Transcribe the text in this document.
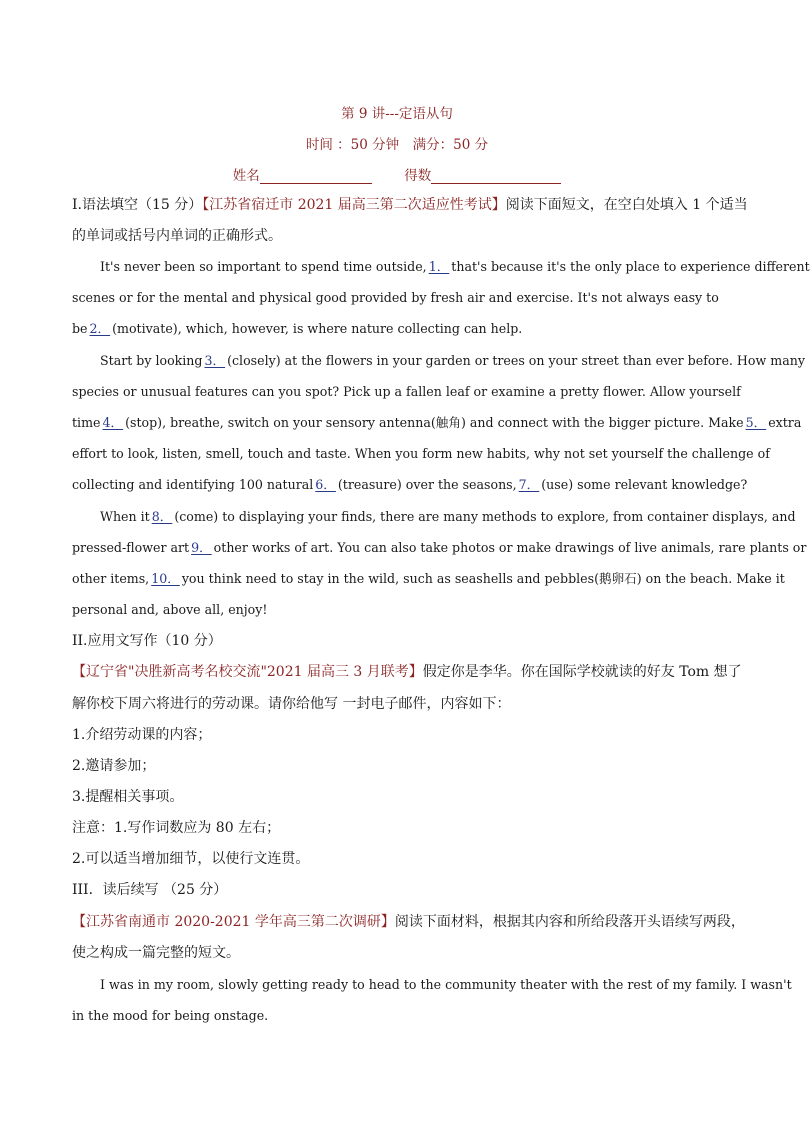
第 9 讲---定语从句
时间 ：50 分钟　满分：50 分
姓名	得数
I.语法填空（15 分）【江苏省宿迁市 2021 届高三第二次适应性考试】阅读下面短文，在空白处填入 1 个适当
的单词或括号内单词的正确形式。
It's never been so important to spend time outside, 1． that's because it's the only place to experience different
scenes or for the mental and physical good provided by fresh air and exercise. It's not always easy to
be 2． (motivate), which, however, is where nature collecting can help.
Start by looking 3． (closely) at the flowers in your garden or trees on your street than ever before. How many
species or unusual features can you spot? Pick up a fallen leaf or examine a pretty flower. Allow yourself
time 4． (stop), breathe, switch on your sensory antenna(触角) and connect with the bigger picture. Make 5． extra
effort to look, listen, smell, touch and taste. When you form new habits, why not set yourself the challenge of
collecting and identifying 100 natural 6． (treasure) over the seasons, 7． (use) some relevant knowledge?
When it 8． (come) to displaying your finds, there are many methods to explore, from container displays, and
pressed-flower art 9． other works of art. You can also take photos or make drawings of live animals, rare plants or
other items, 10． you think need to stay in the wild, such as seashells and pebbles(鹅卵石) on the beach. Make it
personal and, above all, enjoy!
II.应用文写作（10 分）
【辽宁省"决胜新高考名校交流"2021 届高三 3 月联考】假定你是李华。你在国际学校就读的好友 Tom 想了
解你校下周六将进行的劳动课。请你给他写 一封电子邮件，内容如下：
1.介绍劳动课的内容；
2.邀请参加；
3.提醒相关事项。
注意：1.写作词数应为 80 左右；
2.可以适当增加细节，以使行文连贯。
III．读后续写 （25 分）
【江苏省南通市 2020-2021 学年高三第二次调研】阅读下面材料，根据其内容和所给段落开头语续写两段，
使之构成一篇完整的短文。
I was in my room, slowly getting ready to head to the community theater with the rest of my family. I wasn't
in the mood for being onstage.
